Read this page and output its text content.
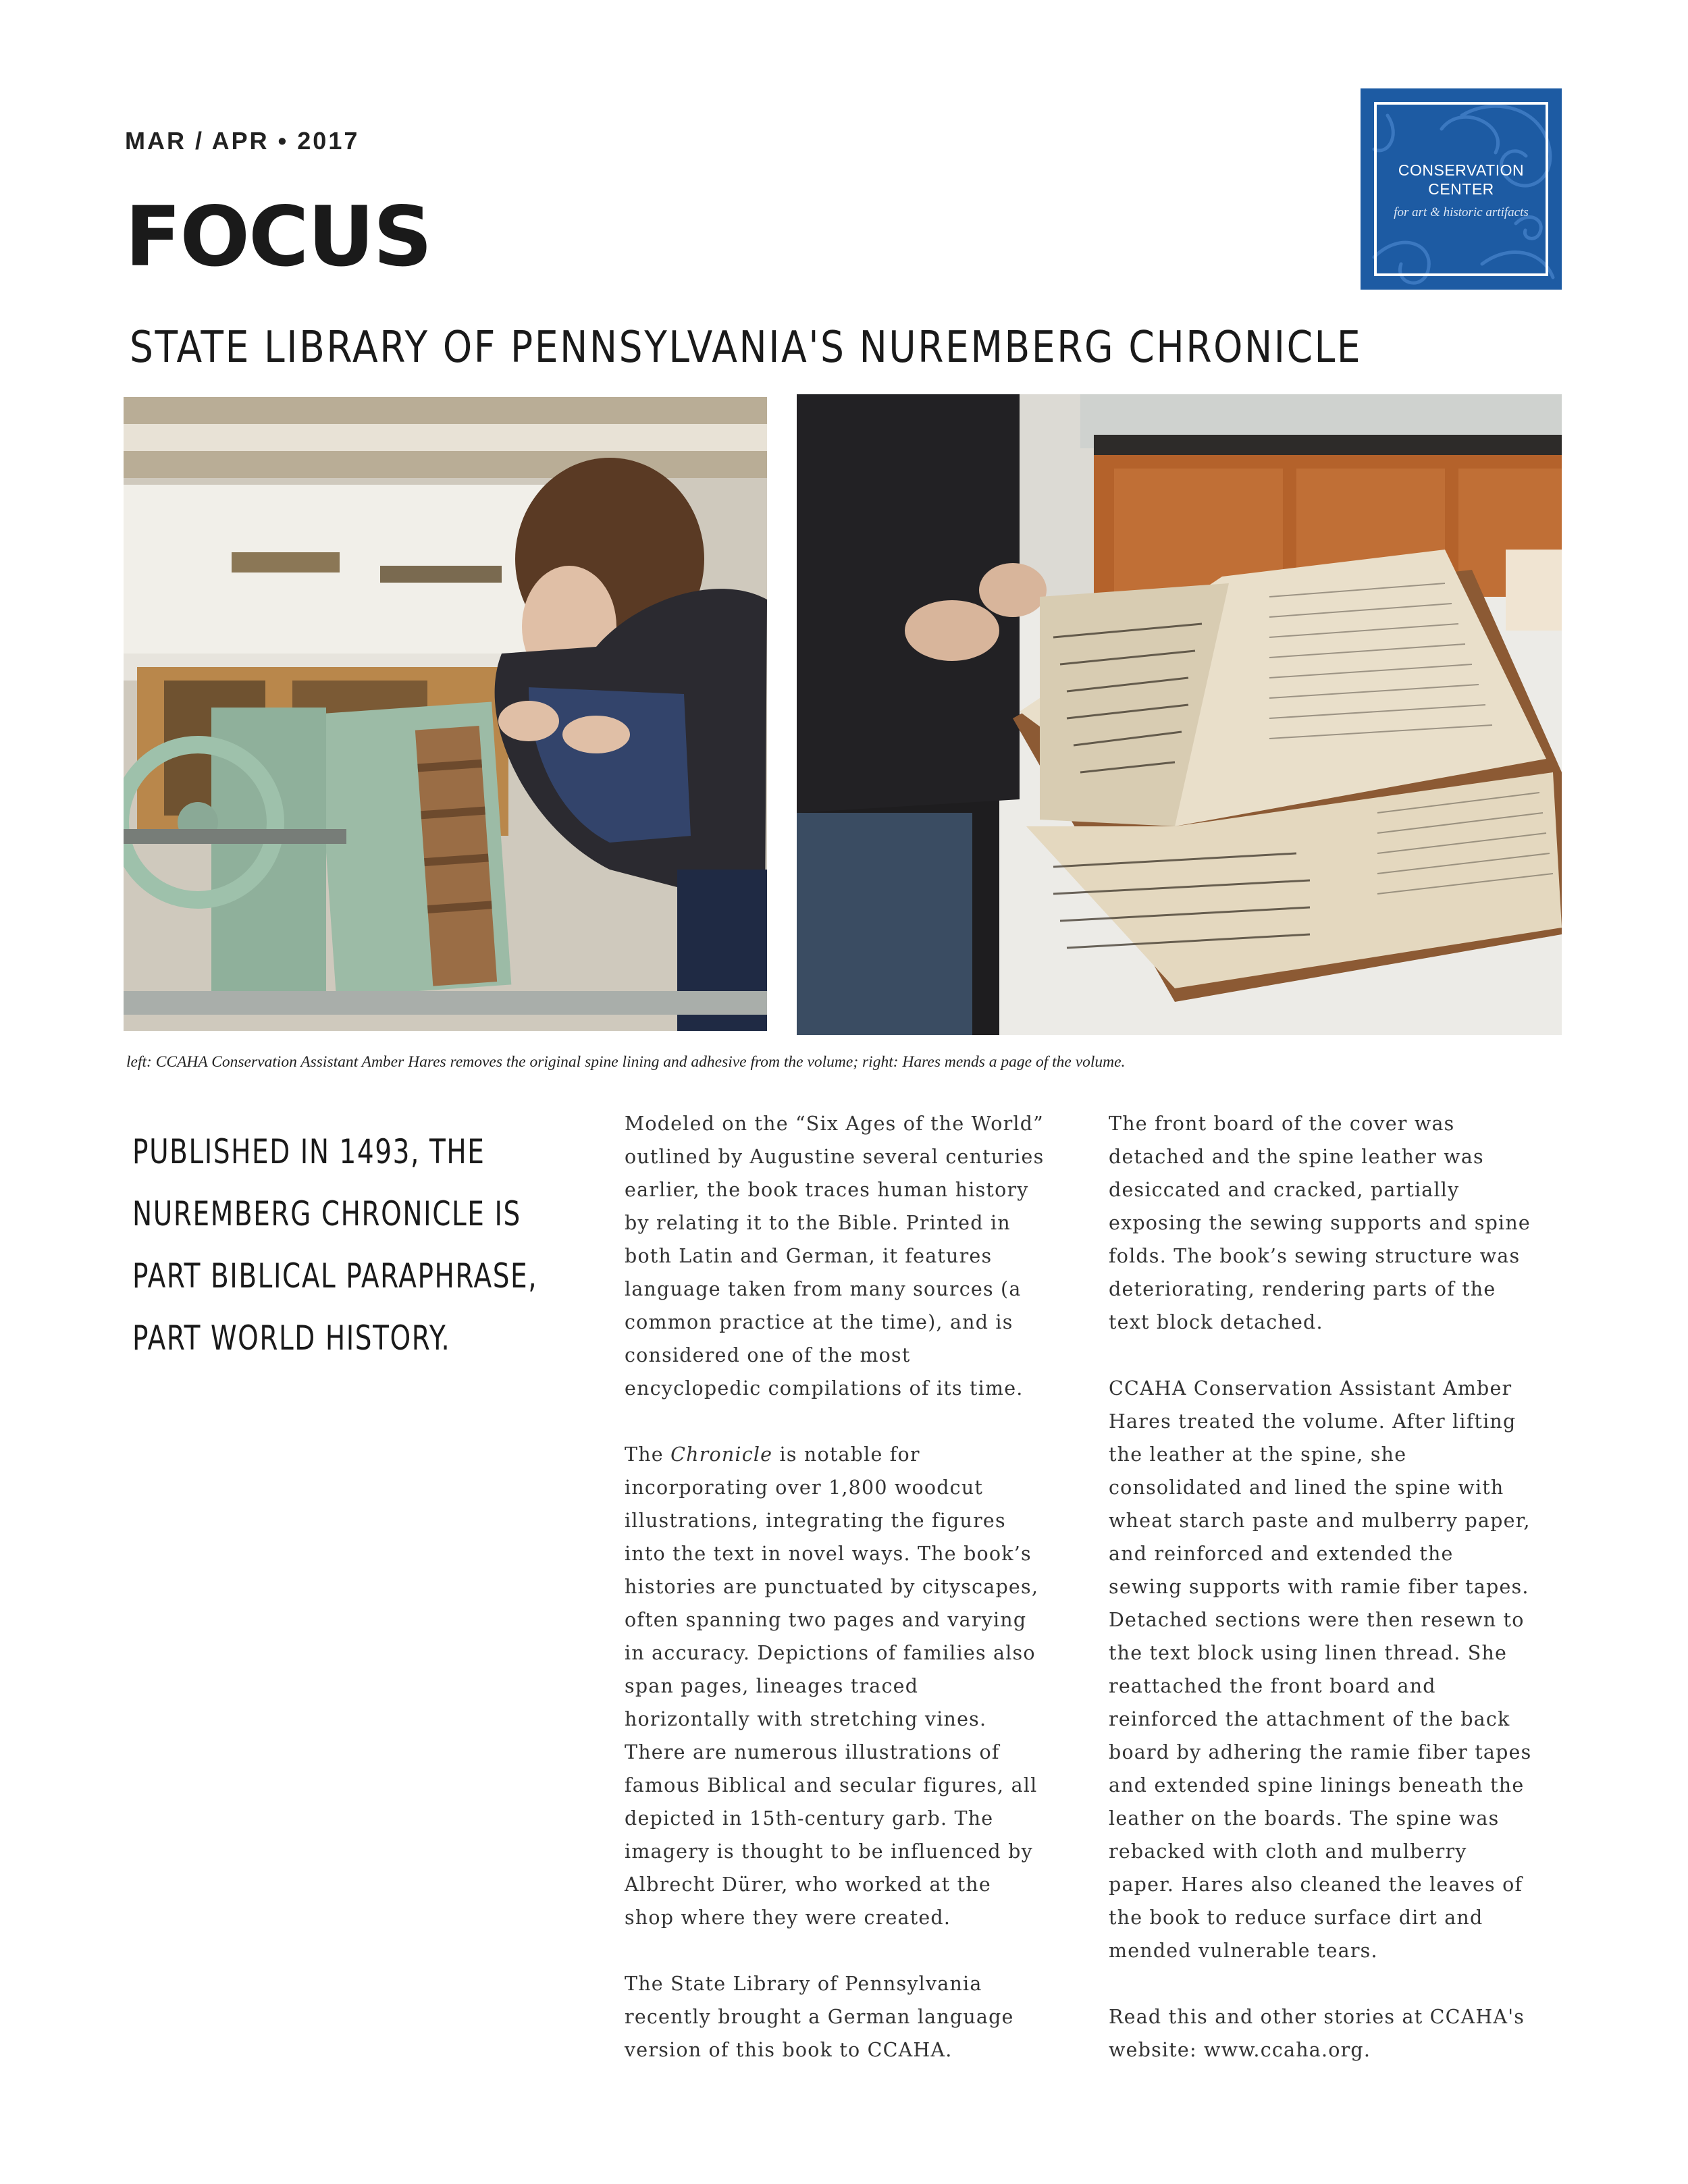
MAR / APR • 2017
FOCUS
CONSERVATION
CENTER
for art & historic artifacts
STATE LIBRARY OF PENNSYLVANIA'S NUREMBERG CHRONICLE
left: CCAHA Conservation Assistant Amber Hares removes the original spine lining and adhesive from the volume; right: Hares mends a page of the volume.
PUBLISHED IN 1493, THE
NUREMBERG CHRONICLE IS
PART BIBLICAL PARAPHRASE,
PART WORLD HISTORY.

Modeled on the “Six Ages of the World”
outlined by Augustine several centuries
earlier, the book traces human history
by relating it to the Bible. Printed in
both Latin and German, it features
language taken from many sources (a
common practice at the time), and is
considered one of the most
encyclopedic compilations of its time.

The Chronicle is notable for
incorporating over 1,800 woodcut
illustrations, integrating the figures
into the text in novel ways. The book’s
histories are punctuated by cityscapes,
often spanning two pages and varying
in accuracy. Depictions of families also
span pages, lineages traced
horizontally with stretching vines.
There are numerous illustrations of
famous Biblical and secular figures, all
depicted in 15th-century garb. The
imagery is thought to be influenced by
Albrecht Dürer, who worked at the
shop where they were created.

The State Library of Pennsylvania
recently brought a German language
version of this book to CCAHA.

The front board of the cover was
detached and the spine leather was
desiccated and cracked, partially
exposing the sewing supports and spine
folds. The book’s sewing structure was
deteriorating, rendering parts of the
text block detached.

CCAHA Conservation Assistant Amber
Hares treated the volume. After lifting
the leather at the spine, she
consolidated and lined the spine with
wheat starch paste and mulberry paper,
and reinforced and extended the
sewing supports with ramie fiber tapes.
Detached sections were then resewn to
the text block using linen thread. She
reattached the front board and
reinforced the attachment of the back
board by adhering the ramie fiber tapes
and extended spine linings beneath the
leather on the boards. The spine was
rebacked with cloth and mulberry
paper. Hares also cleaned the leaves of
the book to reduce surface dirt and
mended vulnerable tears.

Read this and other stories at CCAHA's
website: www.ccaha.org.
